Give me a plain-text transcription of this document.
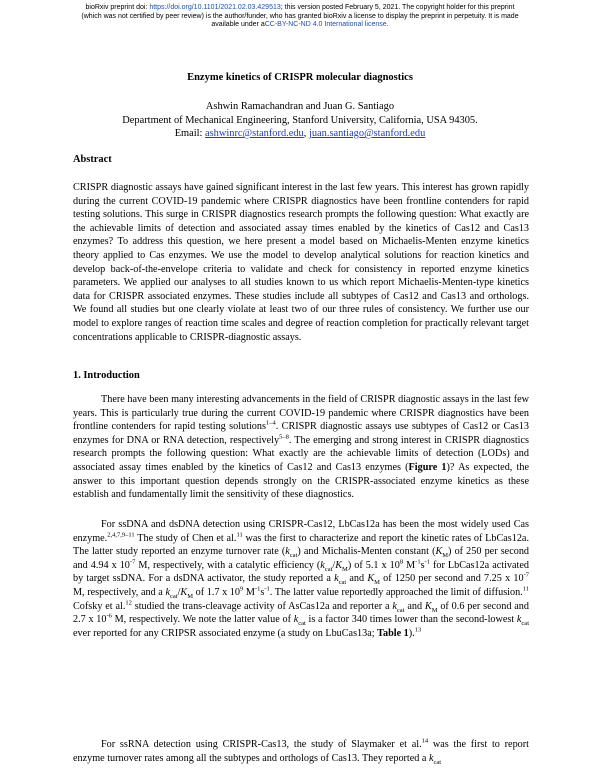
bioRxiv preprint doi: https://doi.org/10.1101/2021.02.03.429513; this version posted February 5, 2021. The copyright holder for this preprint
(which was not certified by peer review) is the author/funder, who has granted bioRxiv a license to display the preprint in perpetuity. It is made
available under aCC-BY-NC-ND 4.0 International license.
Enzyme kinetics of CRISPR molecular diagnostics
Ashwin Ramachandran and Juan G. Santiago
Department of Mechanical Engineering, Stanford University, California, USA 94305.
Email: ashwinrc@stanford.edu, juan.santiago@stanford.edu
Abstract
CRISPR diagnostic assays have gained significant interest in the last few years. This interest has grown rapidly during the current COVID-19 pandemic where CRISPR diagnostics have been frontline contenders for rapid testing solutions. This surge in CRISPR diagnostics research prompts the following question: What exactly are the achievable limits of detection and associated assay times enabled by the kinetics of Cas12 and Cas13 enzymes? To address this question, we here present a model based on Michaelis-Menten enzyme kinetics theory applied to Cas enzymes. We use the model to develop analytical solutions for reaction kinetics and develop back-of-the-envelope criteria to validate and check for consistency in reported enzyme kinetics parameters. We applied our analyses to all studies known to us which report Michaelis-Menten-type kinetics data for CRISPR associated enzymes. These studies include all subtypes of Cas12 and Cas13 and orthologs. We found all studies but one clearly violate at least two of our three rules of consistency. We further use our model to explore ranges of reaction time scales and degree of reaction completion for practically relevant target concentrations applicable to CRISPR-diagnostic assays.
1. Introduction
There have been many interesting advancements in the field of CRISPR diagnostic assays in the last few years. This is particularly true during the current COVID-19 pandemic where CRISPR diagnostics have been frontline contenders for rapid testing solutions$^{1-4}$. CRISPR diagnostic assays use subtypes of Cas12 or Cas13 enzymes for DNA or RNA detection, respectively$^{5-8}$. The emerging and strong interest in CRISPR diagnostics research prompts the following question: What exactly are the achievable limits of detection (LODs) and associated assay times enabled by the kinetics of Cas12 and Cas13 enzymes (Figure 1)? As expected, the answer to this important question depends strongly on the CRISPR-associated enzyme kinetics as these establish and fundamentally limit the sensitivity of these diagnostics.
For ssDNA and dsDNA detection using CRISPR-Cas12, LbCas12a has been the most widely used Cas enzyme.$^{2,4,7,9-11}$ The study of Chen et al.$^{11}$ was the first to characterize and report the kinetic rates of LbCas12a. The latter study reported an enzyme turnover rate $(k_{cat})$ and Michalis-Menten constant $(K_M)$ of 250 per second and 4.94 x $10^{-7}$ M, respectively, with a catalytic efficiency $(k_{cat}/K_M)$ of 5.1 x $10^8$ $M^{-1}s^{-1}$ for LbCas12a activated by target ssDNA. For a dsDNA activator, the study reported a $k_{cat}$ and $K_M$ of 1250 per second and 7.25 x $10^{-7}$ M, respectively, and a $k_{cat}/K_M$ of 1.7 x $10^9$ $M^{-1}s^{-1}$. The latter value reportedly approached the limit of diffusion.$^{11}$ Cofsky et al.$^{12}$ studied the trans-cleavage activity of AsCas12a and reporter a $k_{cat}$ and $K_M$ of 0.6 per second and 2.7 x $10^{-6}$ M, respectively. We note the latter value of $k_{cat}$ is a factor 340 times lower than the second-lowest $k_{cat}$ ever reported for any CRIPSR associated enzyme (a study on LbuCas13a; Table 1).$^{13}$
For ssRNA detection using CRISPR-Cas13, the study of Slaymaker et al.$^{14}$ was the first to report enzyme turnover rates among all the subtypes and orthologs of Cas13. They reported a $k_{cat}$
